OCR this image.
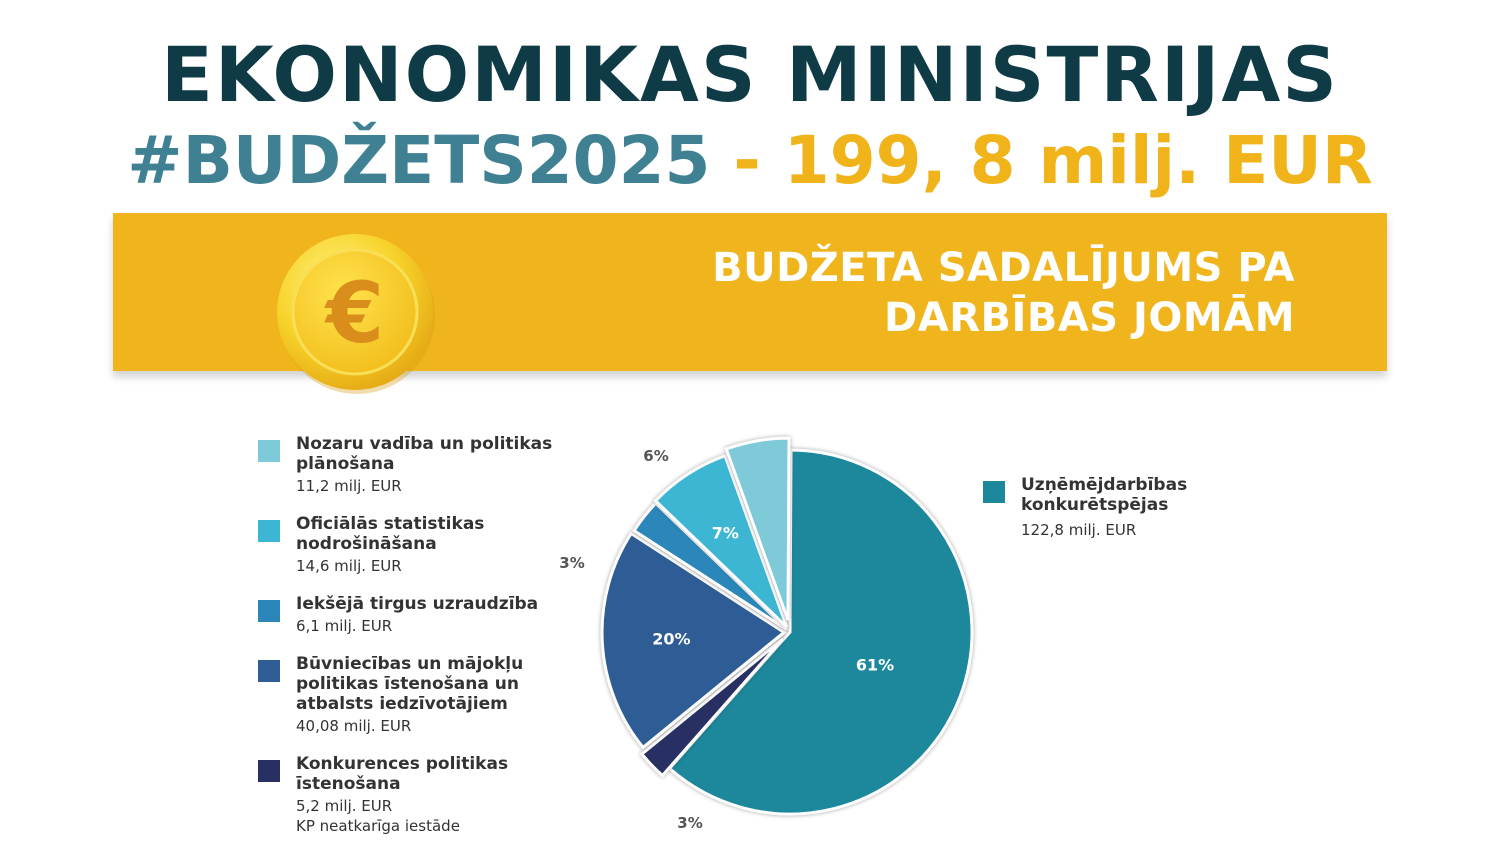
EKONOMIKAS MINISTRIJAS
#BUDŽETS2025 - 199, 8 milj. EUR
BUDŽETA SADALĪJUMS PA
DARBĪBAS JOMĀM
€
Nozaru vadība un politikas plānošana
11,2 milj. EUR
Oficiālās statistikas nodrošināšana
14,6 milj. EUR
Iekšējā tirgus uzraudzība
6,1 milj. EUR
Būvniecības un mājokļu politikas īstenošana un atbalsts iedzīvotājiem
40,08 milj. EUR
Konkurences politikas īstenošana
5,2 milj. EUR
KP neatkarīga iestāde
Uzņēmējdarbības konkurētspējas
122,8 milj. EUR
61%
3%
20%
3%
7%
6%
